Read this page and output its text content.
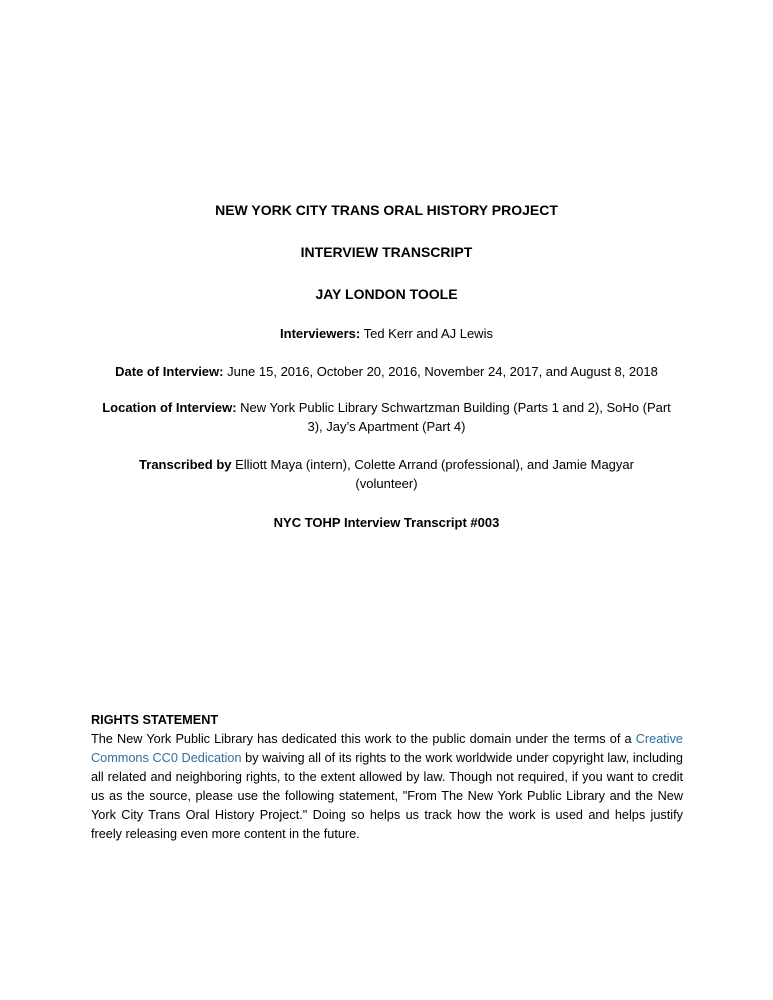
NEW YORK CITY TRANS ORAL HISTORY PROJECT
INTERVIEW TRANSCRIPT
JAY LONDON TOOLE
Interviewers: Ted Kerr and AJ Lewis
Date of Interview: June 15, 2016, October 20, 2016, November 24, 2017, and August 8, 2018
Location of Interview: New York Public Library Schwartzman Building (Parts 1 and 2), SoHo (Part 3), Jay’s Apartment (Part 4)
Transcribed by Elliott Maya (intern), Colette Arrand (professional), and Jamie Magyar (volunteer)
NYC TOHP Interview Transcript #003
RIGHTS STATEMENT
The New York Public Library has dedicated this work to the public domain under the terms of a Creative Commons CC0 Dedication by waiving all of its rights to the work worldwide under copyright law, including all related and neighboring rights, to the extent allowed by law. Though not required, if you want to credit us as the source, please use the following statement, "From The New York Public Library and the New York City Trans Oral History Project." Doing so helps us track how the work is used and helps justify freely releasing even more content in the future.
